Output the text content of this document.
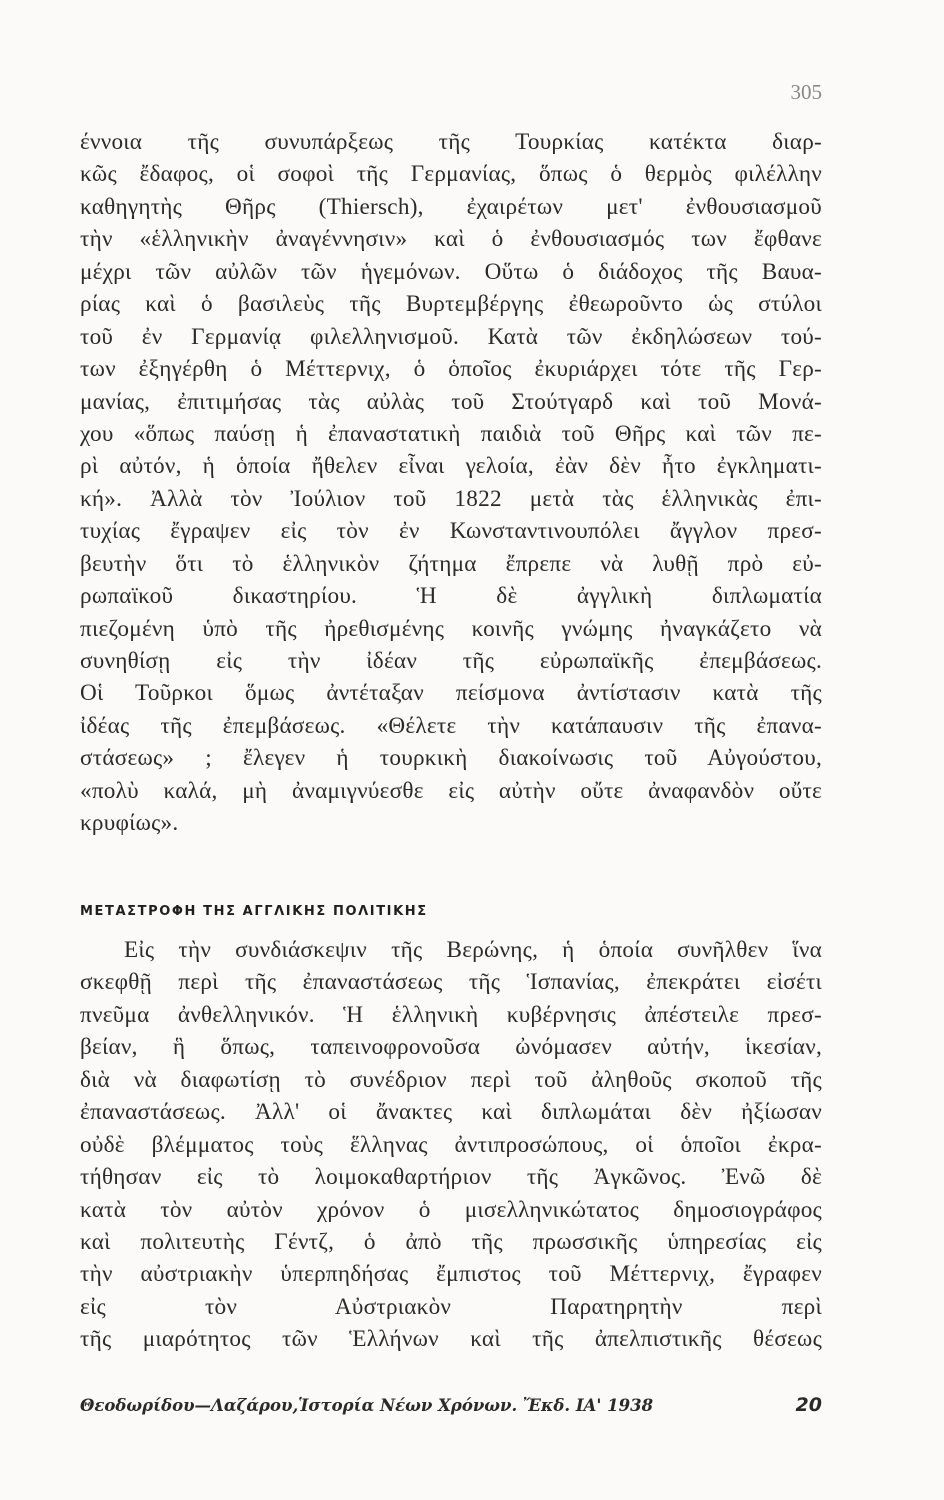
305
έννοια τῆς συνυπάρξεως τῆς Τουρκίας κατέκτα διαρ-
κῶς ἔδαφος, οἱ σοφοὶ τῆς Γερμανίας, ὅπως ὁ θερμὸς φιλέλλην
καθηγητὴς Θῆρς (Thiersch), ἐχαιρέτων μετ' ἐνθουσιασμοῦ
τὴν «ἑλληνικὴν ἀναγέννησιν» καὶ ὁ ἐνθουσιασμός των ἔφθανε
μέχρι τῶν αὐλῶν τῶν ἡγεμόνων. Οὕτω ὁ διάδοχος τῆς Βαυα-
ρίας καὶ ὁ βασιλεὺς τῆς Βυρτεμβέργης ἐθεωροῦντο ὡς στύλοι
τοῦ ἐν Γερμανίᾳ φιλελληνισμοῦ. Κατὰ τῶν ἐκδηλώσεων τού-
των ἐξηγέρθη ὁ Μέττερνιχ, ὁ ὁποῖος ἐκυριάρχει τότε τῆς Γερ-
μανίας, ἐπιτιμήσας τὰς αὐλὰς τοῦ Στούτγαρδ καὶ τοῦ Μονά-
χου «ὅπως παύσῃ ἡ ἐπαναστατικὴ παιδιὰ τοῦ Θῆρς καὶ τῶν πε-
ρὶ αὐτόν, ἡ ὁποία ἤθελεν εἶναι γελοία, ἐὰν δὲν ἦτο ἐγκληματι-
κή». Ἀλλὰ τὸν Ἰούλιον τοῦ 1822 μετὰ τὰς ἑλληνικὰς ἐπι-
τυχίας ἔγραψεν εἰς τὸν ἐν Κωνσταντινουπόλει ἄγγλον πρεσ-
βευτὴν ὅτι τὸ ἑλληνικὸν ζήτημα ἔπρεπε νὰ λυθῇ πρὸ εὐ-
ρωπαϊκοῦ δικαστηρίου. Ἡ δὲ ἀγγλικὴ διπλωματία
πιεζομένη ὑπὸ τῆς ἠρεθισμένης κοινῆς γνώμης ἠναγκάζετο νὰ
συνηθίσῃ εἰς τὴν ἰδέαν τῆς εὐρωπαϊκῆς ἐπεμβάσεως.
Οἱ Τοῦρκοι ὅμως ἀντέταξαν πείσμονα ἀντίστασιν κατὰ τῆς
ἰδέας τῆς ἐπεμβάσεως. «Θέλετε τὴν κατάπαυσιν τῆς ἐπανα-
στάσεως» ; ἔλεγεν ἡ τουρκικὴ διακοίνωσις τοῦ Αὐγούστου,
«πολὺ καλά, μὴ ἀναμιγνύεσθε εἰς αὐτὴν οὔτε ἀναφανδὸν οὔτε
κρυφίως».
ΜΕΤΑΣΤΡΟΦΗ ΤΗΣ ΑΓΓΛΙΚΗΣ ΠΟΛΙΤΙΚΗΣ
Εἰς τὴν συνδιάσκεψιν τῆς Βερώνης, ἡ ὁποία συνῆλθεν ἵνα
σκεφθῇ περὶ τῆς ἐπαναστάσεως τῆς Ἱσπανίας, ἐπεκράτει εἰσέτι
πνεῦμα ἀνθελληνικόν. Ἡ ἑλληνικὴ κυβέρνησις ἀπέστειλε πρεσ-
βείαν, ἣ ὅπως, ταπεινοφρονοῦσα ὠνόμασεν αὐτήν, ἱκεσίαν,
διὰ νὰ διαφωτίσῃ τὸ συνέδριον περὶ τοῦ ἀληθοῦς σκοποῦ τῆς
ἐπαναστάσεως. Ἀλλ' οἱ ἄνακτες καὶ διπλωμάται δὲν ἠξίωσαν
οὐδὲ βλέμματος τοὺς ἕλληνας ἀντιπροσώπους, οἱ ὁποῖοι ἐκρα-
τήθησαν εἰς τὸ λοιμοκαθαρτήριον τῆς Ἀγκῶνος. Ἐνῶ δὲ
κατὰ τὸν αὐτὸν χρόνον ὁ μισελληνικώτατος δημοσιογράφος
καὶ πολιτευτὴς Γέντζ, ὁ ἀπὸ τῆς πρωσσικῆς ὑπηρεσίας εἰς
τὴν αὐστριακὴν ὑπερπηδήσας ἔμπιστος τοῦ Μέττερνιχ, ἔγραφεν
εἰς τὸν Αὐστριακὸν Παρατηρητὴν περὶ
τῆς μιαρότητος τῶν Ἑλλήνων καὶ τῆς ἀπελπιστικῆς θέσεως
Θεοδωρίδου—Λαζάρου,Ἱστορία Νέων Χρόνων. Ἔκδ. ΙΑ' 1938	20
